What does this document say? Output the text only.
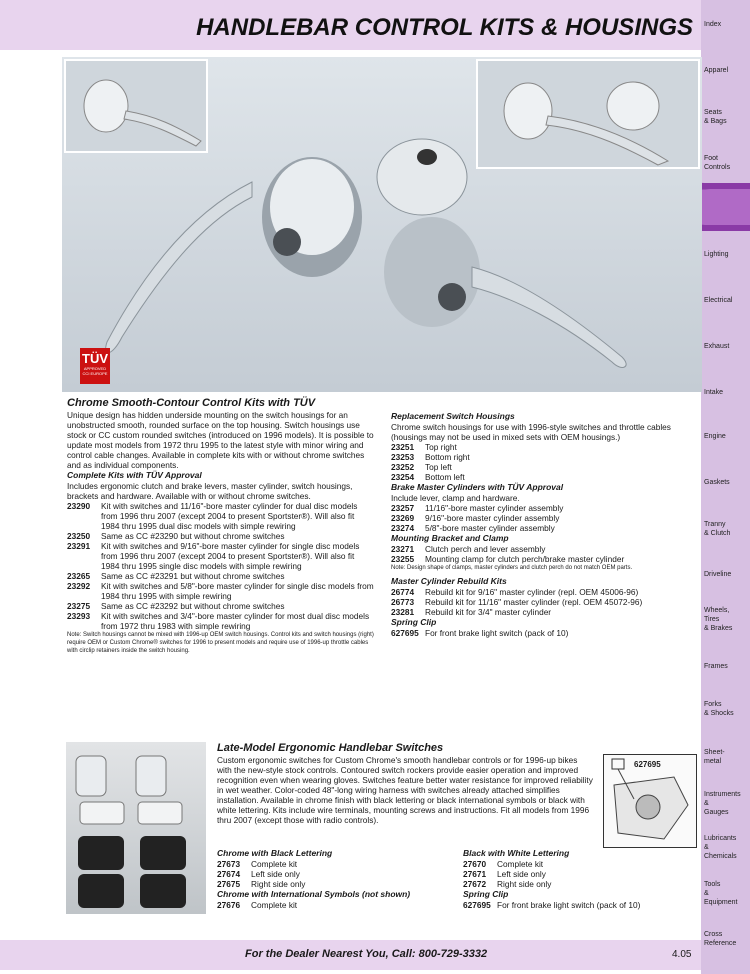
HANDLEBAR CONTROL KITS & HOUSINGS Index
Apparel
Seats
& Bags
Foot
Controls
Lighting
Electrical
Exhaust
Intake
Engine
Gaskets
Tranny
& Clutch
Driveline
Wheels,
Tires
& Brakes
Frames
Forks
& Shocks
Sheet-
metal
Instruments
&
Gauges
Lubricants
&
Chemicals
Tools
&
Equipment
Cross
Reference
TÜV
APPROVED CCI EUROPE
Chrome Smooth-Contour Control Kits with TÜV

Unique design has hidden underside mounting on the switch housings for an unobstructed smooth, rounded surface on the top housing. Switch housings use stock or CC custom rounded switches (introduced on 1996 models). It is possible to update most models from 1972 thru 1995 to the latest style with minor wiring and control cable changes. Available in complete kits with or without chrome switches and as individual components.

Complete Kits with TÜV Approval

Includes ergonomic clutch and brake levers, master cylinder, switch housings, brackets and hardware. Available with or without chrome switches.

23290	Kit with switches and 11/16"-bore master cylinder for dual disc models from 1996 thru 2007 (except 2004 to present Sportster®). Will also fit 1984 thru 1995 dual disc models with simple rewiring
23250	Same as CC #23290 but without chrome switches
23291	Kit with switches and 9/16"-bore master cylinder for single disc models from 1996 thru 2007 (except 2004 to present Sportster®). Will also fit 1984 thru 1995 single disc models with simple rewiring
23265	Same as CC #23291 but without chrome switches
23292	Kit with switches and 5/8"-bore master cylinder for single disc models from 1984 thru 1995 with simple rewiring
23275	Same as CC #23292 but without chrome switches
23293	Kit with switches and 3/4"-bore master cylinder for most dual disc models from 1972 thru 1983 with simple rewiring

Note: Switch housings cannot be mixed with 1996-up OEM switch housings. Control kits and switch housings (right) require OEM or Custom Chrome® switches for 1996 to present models and require use of 1996-up throttle cables with circlip retainers inside the switch housing.

Replacement Switch Housings

Chrome switch housings for use with 1996-style switches and throttle cables (housings may not be used in mixed sets with OEM housings.)

23251	Top right
23253	Bottom right
23252	Top left
23254	Bottom left
Brake Master Cylinders with TÜV Approval

Include lever, clamp and hardware.

23257	11/16"-bore master cylinder assembly
23269	9/16"-bore master cylinder assembly
23274	5/8"-bore master cylinder assembly
Mounting Bracket and Clamp
23271	Clutch perch and lever assembly
23255	Mounting clamp for clutch perch/brake master cylinder

Note: Design shape of clamps, master cylinders and clutch perch do not match OEM parts.

Master Cylinder Rebuild Kits
26774	Rebuild kit for 9/16" master cylinder (repl. OEM 45006-96)
26773	Rebuild kit for 11/16" master cylinder (repl. OEM 45072-96)
23281	Rebuild kit for 3/4" master cylinder
Spring Clip
627695 For front brake light switch (pack of 10)
Late-Model Ergonomic Handlebar Switches

Custom ergonomic switches for Custom Chrome's smooth handlebar controls or for 1996-up bikes with the new-style stock controls. Contoured switch rockers provide easier operation and improved recognition even when wearing gloves. Switches feature better water resistance for improved reliability in wet weather. Color-coded 48"-long wiring harness with switches already attached simplifies installation. Available in chrome finish with black lettering or black international symbols or black with white lettering. Kits include wire terminals, mounting screws and instructions. Fit all models from 1996 thru 2007 (except those with radio controls).

Chrome with Black Lettering
27673	Complete kit
27674	Left side only
27675	Right side only
Chrome with International Symbols (not shown)
27676	Complete kit
Black with White Lettering
27670	Complete kit
27671	Left side only
27672	Right side only
Spring Clip
627695 For front brake light switch (pack of 10)
627695
For the Dealer Nearest You, Call: 800-729-3332	4.05
